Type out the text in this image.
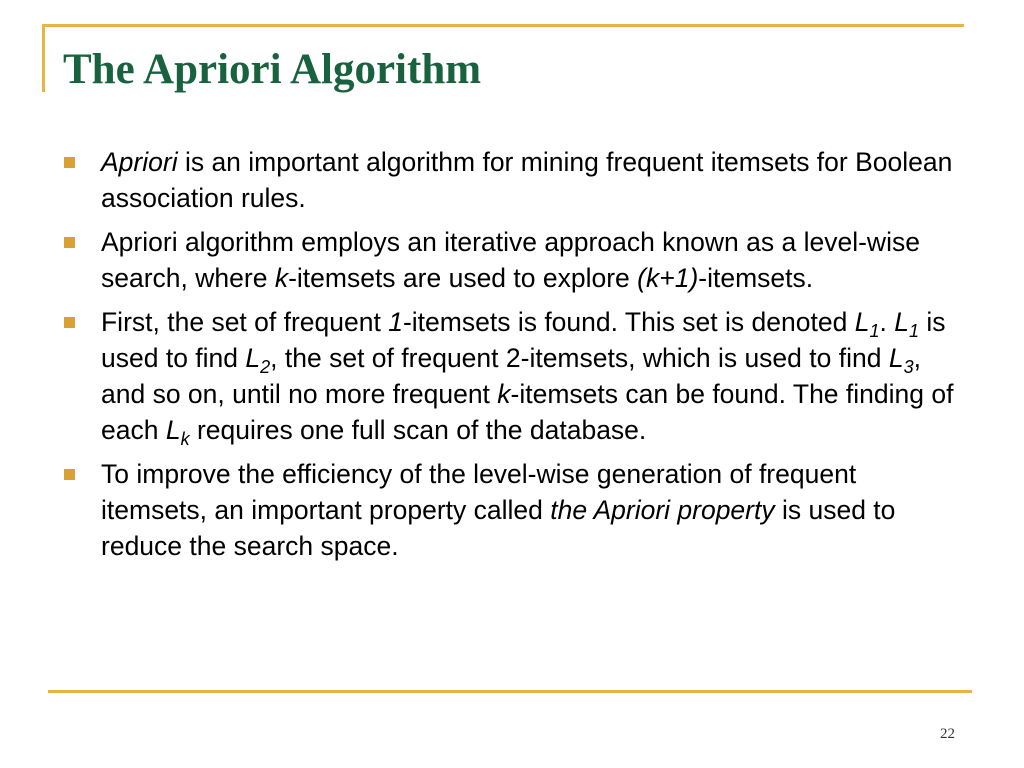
The Apriori Algorithm
Apriori is an important algorithm for mining frequent itemsets for Boolean association rules.
Apriori algorithm employs an iterative approach known as a level-wise search, where k-itemsets are used to explore (k+1)-itemsets.
First, the set of frequent 1-itemsets is found. This set is denoted $L_1$. $L_1$ is used to find $L_2$, the set of frequent 2-itemsets, which is used to find $L_3$, and so on, until no more frequent k-itemsets can be found. The finding of each $L_k$ requires one full scan of the database.
To improve the efficiency of the level-wise generation of frequent itemsets, an important property called the Apriori property is used to reduce the search space.
22
